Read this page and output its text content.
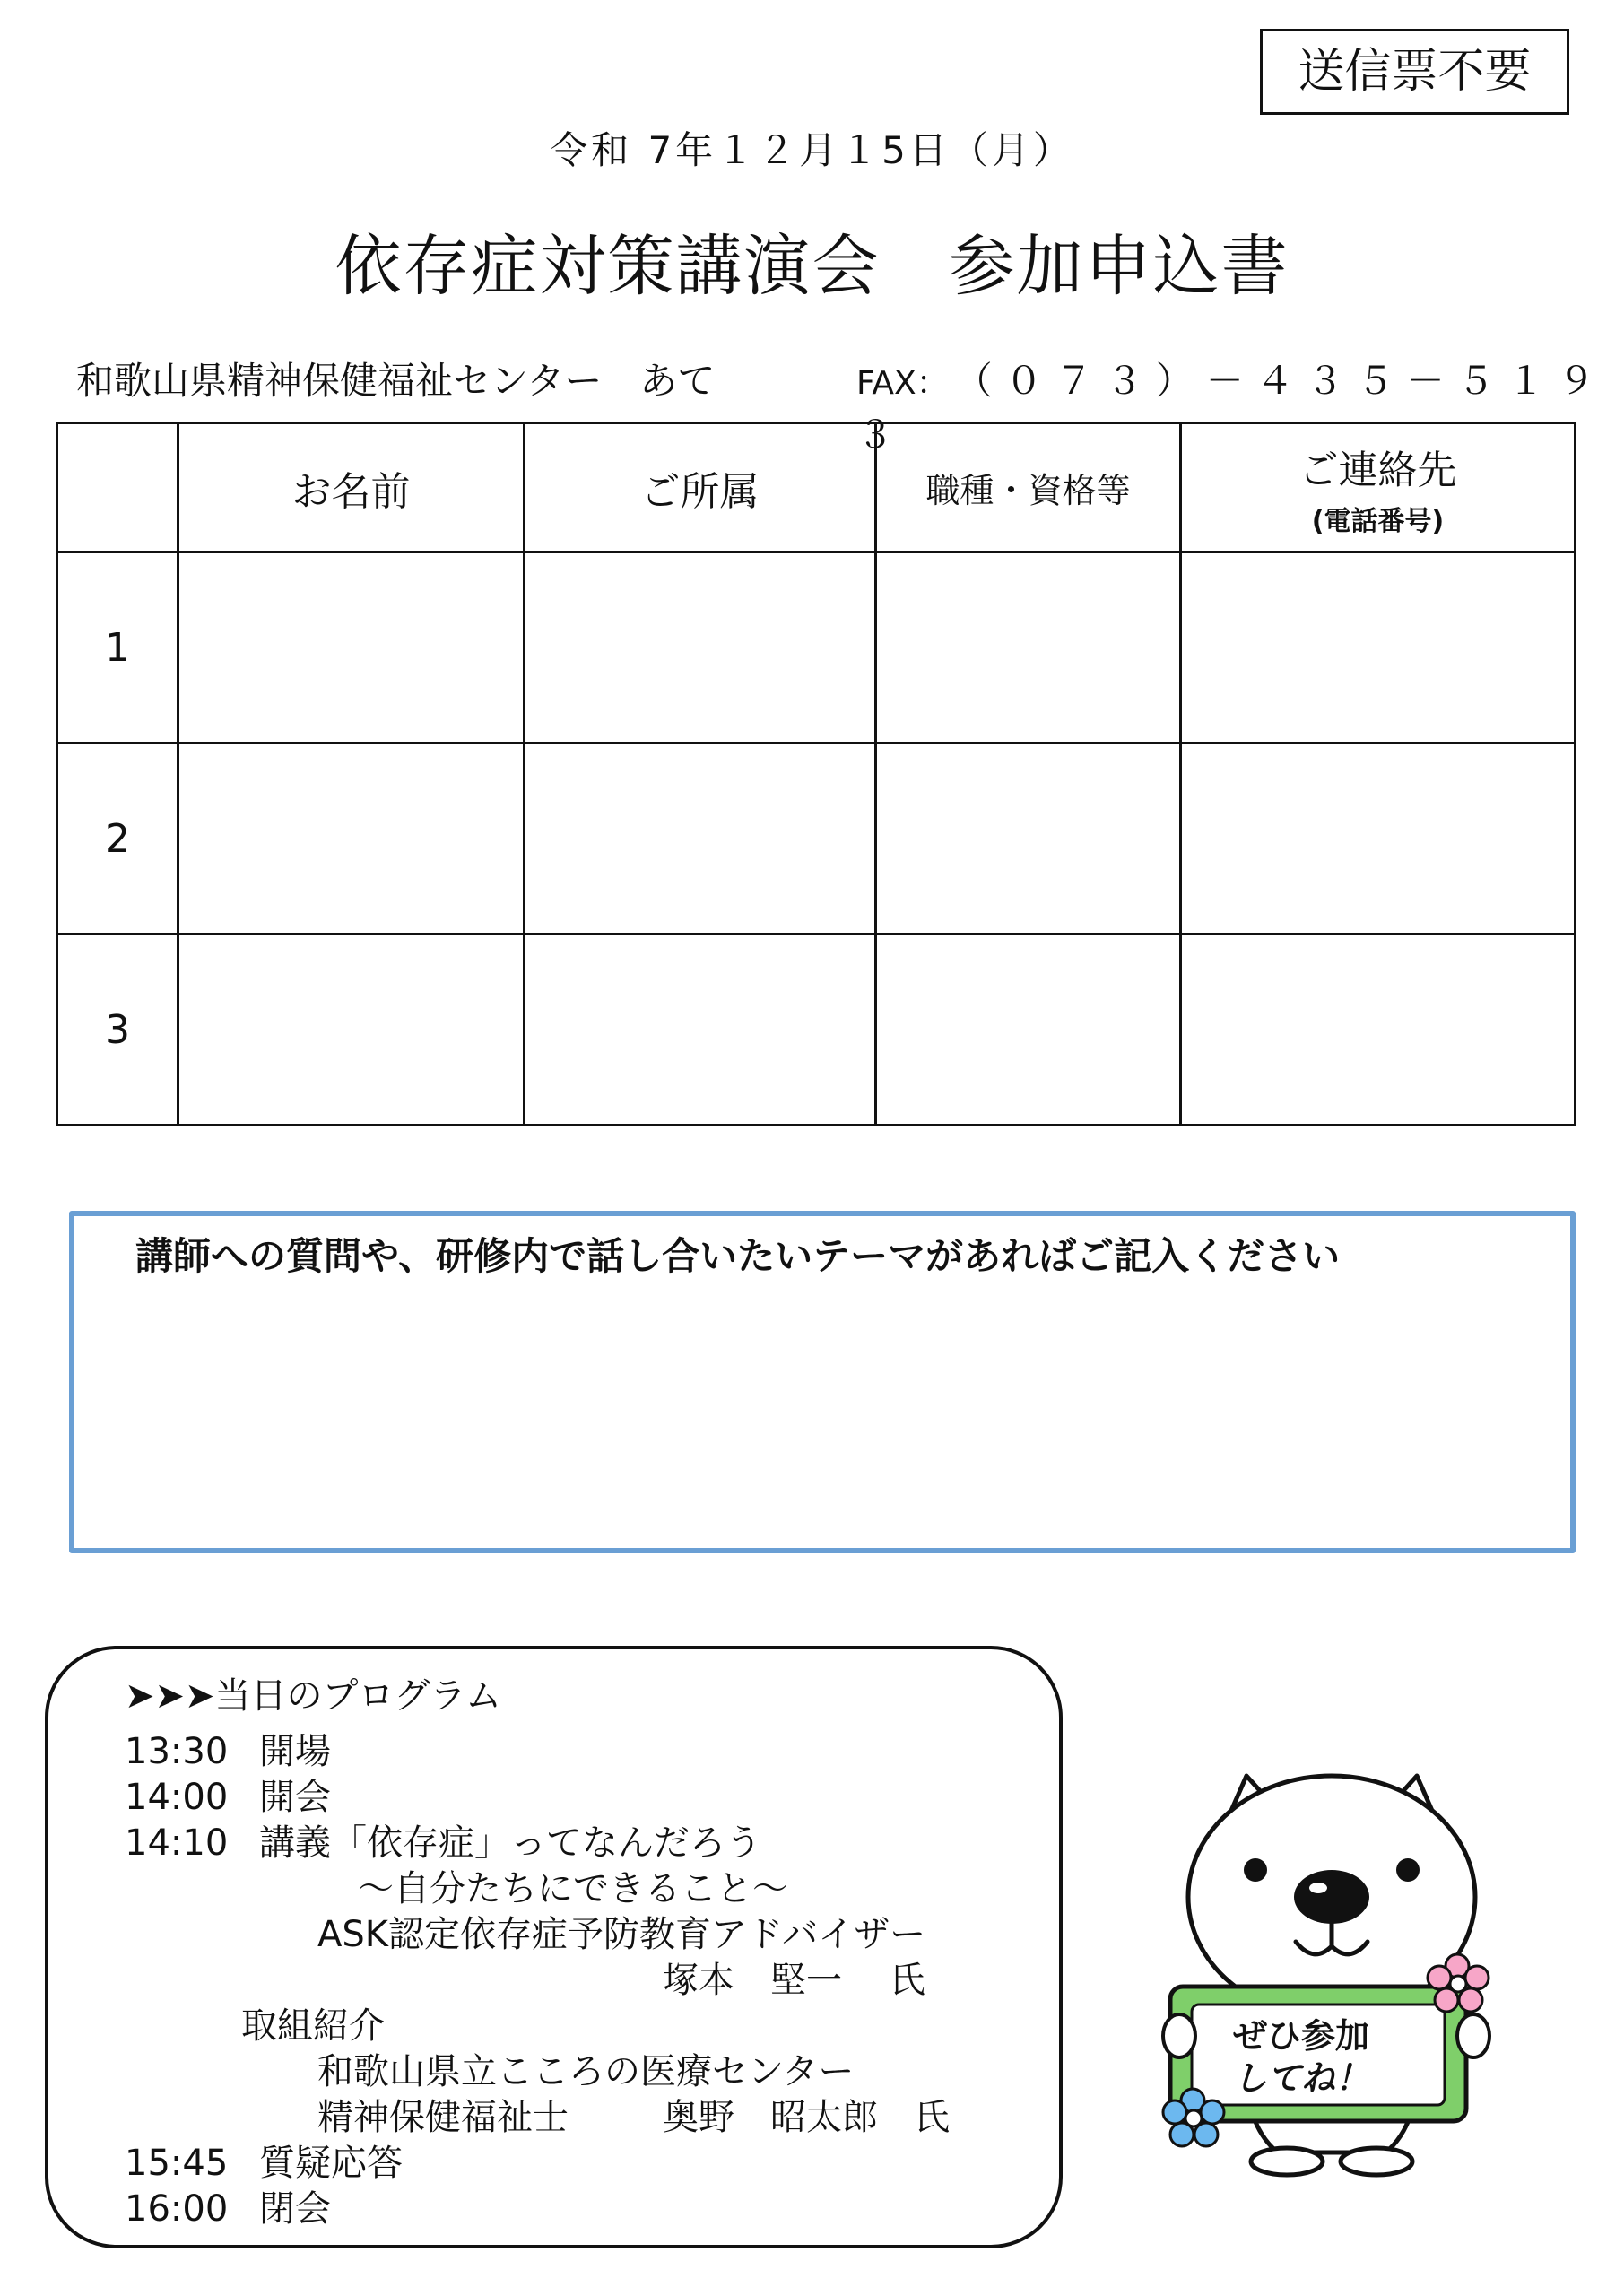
送信票不要
令和 7年１２月１5日（月）
依存症対策講演会　参加申込書
和歌山県精神保健福祉センター　あて	FAX： （０７３）－４３５－５１９３
	お名前	ご所属	職種・資格等	ご連絡先
(電話番号)

1				
2				
3				
講師への質問や、研修内で話し合いたいテーマがあればご記入ください
➤➤➤当日のプログラム
13:30 開場
14:00 開会
14:10 講義「依存症」ってなんだろう
～自分たちにできること～
ASK認定依存症予防教育アドバイザー
塚本　堅一　 氏
取組紹介
和歌山県立こころの医療センター
精神保健福祉士	奥野　昭太郎　氏
15:45 質疑応答
16:00 閉会
ぜひ参加
してね！
